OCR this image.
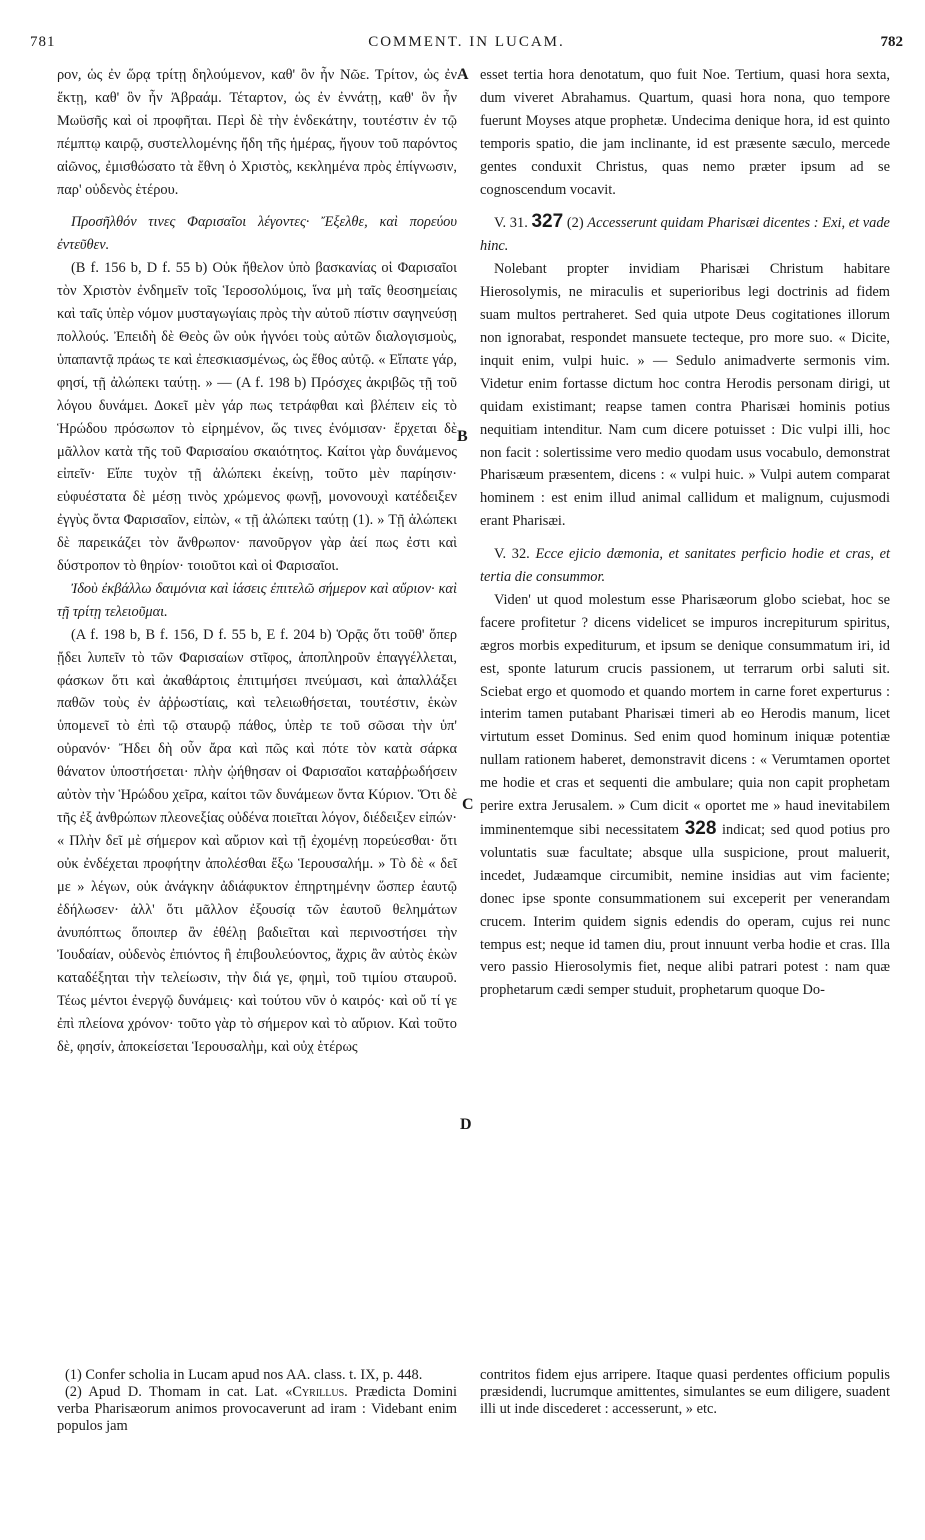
781	COMMENT. IN LUCAM.	782

ρον, ὡς ἐν ὥρᾳ τρίτῃ δηλούμενον, καθ' ὃν ἦν Νῶε. Τρίτον, ὡς ἐν ἕκτῃ, καθ' ὃν ἦν Ἀβραάμ. Τέταρτον, ὡς ἐν ἐννάτῃ, καθ' ὃν ἦν Μωϋσῆς καὶ οἱ προφῆται. Περὶ δὲ τὴν ἑνδεκάτην, τουτέστιν ἐν τῷ πέμπτῳ καιρῷ, συστελλομένης ἤδη τῆς ἡμέρας, ἤγουν τοῦ παρόντος αἰῶνος, ἐμισθώσατο τὰ ἔθνη ὁ Χριστὸς, κεκλημένα πρὸς ἐπίγνωσιν, παρ' οὐδενὸς ἑτέρου.

Προσῆλθόν τινες Φαρισαῖοι λέγοντες· Ἔξελθε, καὶ πορεύου ἐντεῦθεν.

(B f. 156 b, D f. 55 b) Οὐκ ἤθελον ὑπὸ βασκανίας οἱ Φαρισαῖοι τὸν Χριστὸν ἐνδημεῖν τοῖς Ἱεροσολύμοις, ἵνα μὴ ταῖς θεοσημείαις καὶ ταῖς ὑπὲρ νόμον μυσταγωγίαις πρὸς τὴν αὐτοῦ πίστιν σαγηνεύσῃ πολλούς. Ἐπειδὴ δὲ Θεὸς ὢν οὐκ ἠγνόει τοὺς αὐτῶν διαλογισμοὺς, ὑπαπαντᾷ πράως τε καὶ ἐπεσκιασμένως, ὡς ἔθος αὐτῷ. « Εἴπατε γάρ, φησί, τῇ ἀλώπεκι ταύτῃ. » — (A f. 198 b) Πρόσχες ἀκριβῶς τῇ τοῦ λόγου δυνάμει. Δοκεῖ μὲν γάρ πως τετράφθαι καὶ βλέπειν εἰς τὸ Ἡρώδου πρόσωπον τὸ εἰρημένον, ὥς τινες ἐνόμισαν· ἔρχεται δὲ μᾶλλον κατὰ τῆς τοῦ Φαρισαίου σκαιότητος. Καίτοι γὰρ δυνάμενος εἰπεῖν· Εἴπε τυχὸν τῇ ἀλώπεκι ἐκείνῃ, τοῦτο μὲν παρίησιν· εὐφυέστατα δὲ μέσῃ τινὸς χρώμενος φωνῇ, μονονουχὶ κατέδειξεν ἐγγὺς ὄντα Φαρισαῖον, εἰπὼν, « τῇ ἀλώπεκι ταύτῃ (1). » Τῇ ἀλώπεκι δὲ παρεικάζει τὸν ἄνθρωπον· πανοῦργον γὰρ ἀεί πως ἐστι καὶ δύστροπον τὸ θηρίον· τοιοῦτοι καὶ οἱ Φαρισαῖοι.

Ἰδοὺ ἐκβάλλω δαιμόνια καὶ ἰάσεις ἐπιτελῶ σήμερον καὶ αὔριον· καὶ τῇ τρίτῃ τελειοῦμαι.

(A f. 198 b, B f. 156, D f. 55 b, E f. 204 b) Ὁρᾷς ὅτι τοῦθ' ὅπερ ᾔδει λυπεῖν τὸ τῶν Φαρισαίων στῖφος, ἀποπληροῦν ἐπαγγέλλεται, φάσκων ὅτι καὶ ἀκαθάρτοις ἐπιτιμήσει πνεύμασι, καὶ ἀπαλλάξει παθῶν τοὺς ἐν ἀῤῥωστίαις, καὶ τελειωθήσεται, τουτέστιν, ἑκὼν ὑπομενεῖ τὸ ἐπὶ τῷ σταυρῷ πάθος, ὑπὲρ τε τοῦ σῶσαι τὴν ὑπ' οὐρανόν· Ἤδει δὴ οὖν ἄρα καὶ πῶς καὶ πότε τὸν κατὰ σάρκα θάνατον ὑποστήσεται· πλὴν ᾠήθησαν οἱ Φαρισαῖοι καταῤῥωδήσειν αὐτὸν τὴν Ἡρώδου χεῖρα, καίτοι τῶν δυνάμεων ὄντα Κύριον. Ὅτι δὲ τῆς ἐξ ἀνθρώπων πλεονεξίας οὐδένα ποιεῖται λόγον, διέδειξεν εἰπών· « Πλὴν δεῖ μὲ σήμερον καὶ αὔριον καὶ τῇ ἐχομένῃ πορεύεσθαι· ὅτι οὐκ ἐνδέχεται προφήτην ἀπολέσθαι ἔξω Ἱερουσαλήμ. » Τὸ δὲ « δεῖ με » λέγων, οὐκ ἀνάγκην ἀδιάφυκτον ἐπηρτημένην ὥσπερ ἑαυτῷ ἐδήλωσεν· ἀλλ' ὅτι μᾶλλον ἐξουσίᾳ τῶν ἑαυτοῦ θελημάτων ἀνυπόπτως ὅποιπερ ἂν ἐθέλῃ βαδιεῖται καὶ περινοστήσει τὴν Ἰουδαίαν, οὐδενὸς ἐπιόντος ἢ ἐπιβουλεύοντος, ἄχρις ἂν αὐτὸς ἑκὼν καταδέξηται τὴν τελείωσιν, τὴν διά γε, φημὶ, τοῦ τιμίου σταυροῦ. Τέως μέντοι ἐνεργῷ δυνάμεις· καὶ τούτου νῦν ὁ καιρός· καὶ οὔ τί γε ἐπὶ πλείονα χρόνον· τοῦτο γὰρ τὸ σήμερον καὶ τὸ αὔριον. Καὶ τοῦτο δὲ, φησίν, ἀποκείσεται Ἱερουσαλὴμ, καὶ οὐχ ἑτέρως

A
B
C
D

esset tertia hora denotatum, quo fuit Noe. Tertium, quasi hora sexta, dum viveret Abrahamus. Quartum, quasi hora nona, quo tempore fuerunt Moyses atque prophetæ. Undecima denique hora, id est quinto temporis spatio, die jam inclinante, id est præsente sæculo, mercede gentes conduxit Christus, quas nemo præter ipsum ad se cognoscendum vocavit.

V. 31. 327 (2) Accesserunt quidam Pharisæi dicentes : Exi, et vade hinc.

Nolebant propter invidiam Pharisæi Christum habitare Hierosolymis, ne miraculis et superioribus legi doctrinis ad fidem suam multos pertraheret. Sed quia utpote Deus cogitationes illorum non ignorabat, respondet mansuete tecteque, pro more suo. « Dicite, inquit enim, vulpi huic. » — Sedulo animadverte sermonis vim. Videtur enim fortasse dictum hoc contra Herodis personam dirigi, ut quidam existimant; reapse tamen contra Pharisæi hominis potius nequitiam intenditur. Nam cum dicere potuisset : Dic vulpi illi, hoc non facit : solertissime vero medio quodam usus vocabulo, demonstrat Pharisæum præsentem, dicens : « vulpi huic. » Vulpi autem comparat hominem : est enim illud animal callidum et malignum, cujusmodi erant Pharisæi.

V. 32. Ecce ejicio dæmonia, et sanitates perficio hodie et cras, et tertia die consummor.

Viden' ut quod molestum esse Pharisæorum globo sciebat, hoc se facere profitetur ? dicens videlicet se impuros increpiturum spiritus, ægros morbis expediturum, et ipsum se denique consummatum iri, id est, sponte laturum crucis passionem, ut terrarum orbi saluti sit. Sciebat ergo et quomodo et quando mortem in carne foret experturus : interim tamen putabant Pharisæi timeri ab eo Herodis manum, licet virtutum esset Dominus. Sed enim quod hominum iniquæ potentiæ nullam rationem haberet, demonstravit dicens : « Verumtamen oportet me hodie et cras et sequenti die ambulare; quia non capit prophetam perire extra Jerusalem. » Cum dicit « oportet me » haud inevitabilem imminentemque sibi necessitatem 328 indicat; sed quod potius pro voluntatis suæ facultate; absque ulla suspicione, prout maluerit, incedet, Judæamque circumibit, nemine insidias aut vim faciente; donec ipse sponte consummationem sui exceperit per venerandam crucem. Interim quidem signis edendis do operam, cujus rei nunc tempus est; neque id tamen diu, prout innuunt verba hodie et cras. Illa vero passio Hierosolymis fiet, neque alibi patrari potest : nam quæ prophetarum cædi semper studuit, prophetarum quoque Do-

(1) Confer scholia in Lucam apud nos AA. class. t. IX, p. 448.

(2) Apud D. Thomam in cat. Lat. «Cyrillus. Prædicta Domini verba Pharisæorum animos provocaverunt ad iram : Videbant enim populos jam

contritos fidem ejus arripere. Itaque quasi perdentes officium populis præsidendi, lucrumque amittentes, simulantes se eum diligere, suadent illi ut inde discederet : accesserunt, » etc.
